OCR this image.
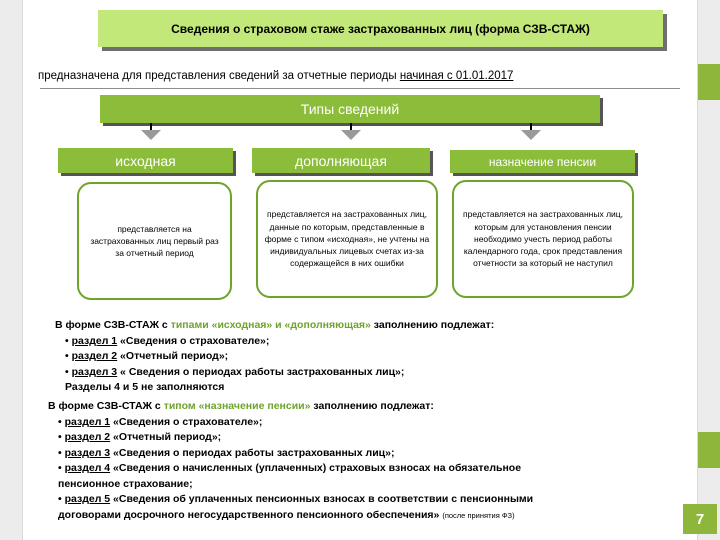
Сведения о страховом стаже застрахованных лиц (форма СЗВ-СТАЖ)
предназначена для представления сведений за отчетные периоды начиная с 01.01.2017
Типы сведений
исходная	дополняющая	назначение пенсии
представляется на застрахованных лиц первый раз за отчетный период
представляется на застрахованных лиц, данные по которым, представленные в форме с типом «исходная», не учтены на индивидуальных лицевых счетах из-за содержащейся в них ошибки
представляется на застрахованных лиц, которым для установления пенсии необходимо учесть период работы календарного года, срок представления отчетности за который не наступил
В форме СЗВ-СТАЖ с типами «исходная» и «дополняющая» заполнению подлежат:
• раздел 1 «Сведения о страхователе»;
• раздел 2 «Отчетный период»;
• раздел 3 « Сведения о периодах работы застрахованных лиц»;
Разделы 4 и 5 не заполняются
В форме СЗВ-СТАЖ с типом «назначение пенсии» заполнению подлежат:
• раздел 1 «Сведения о страхователе»;
• раздел 2 «Отчетный период»;
• раздел 3 «Сведения о периодах работы застрахованных лиц»;
• раздел 4 «Сведения о начисленных (уплаченных) страховых взносах на обязательное
пенсионное страхование;
• раздел 5 «Сведения об уплаченных пенсионных взносах в соответствии с пенсионными
договорами досрочного негосударственного пенсионного обеспечения» (после принятия ФЗ)	7
